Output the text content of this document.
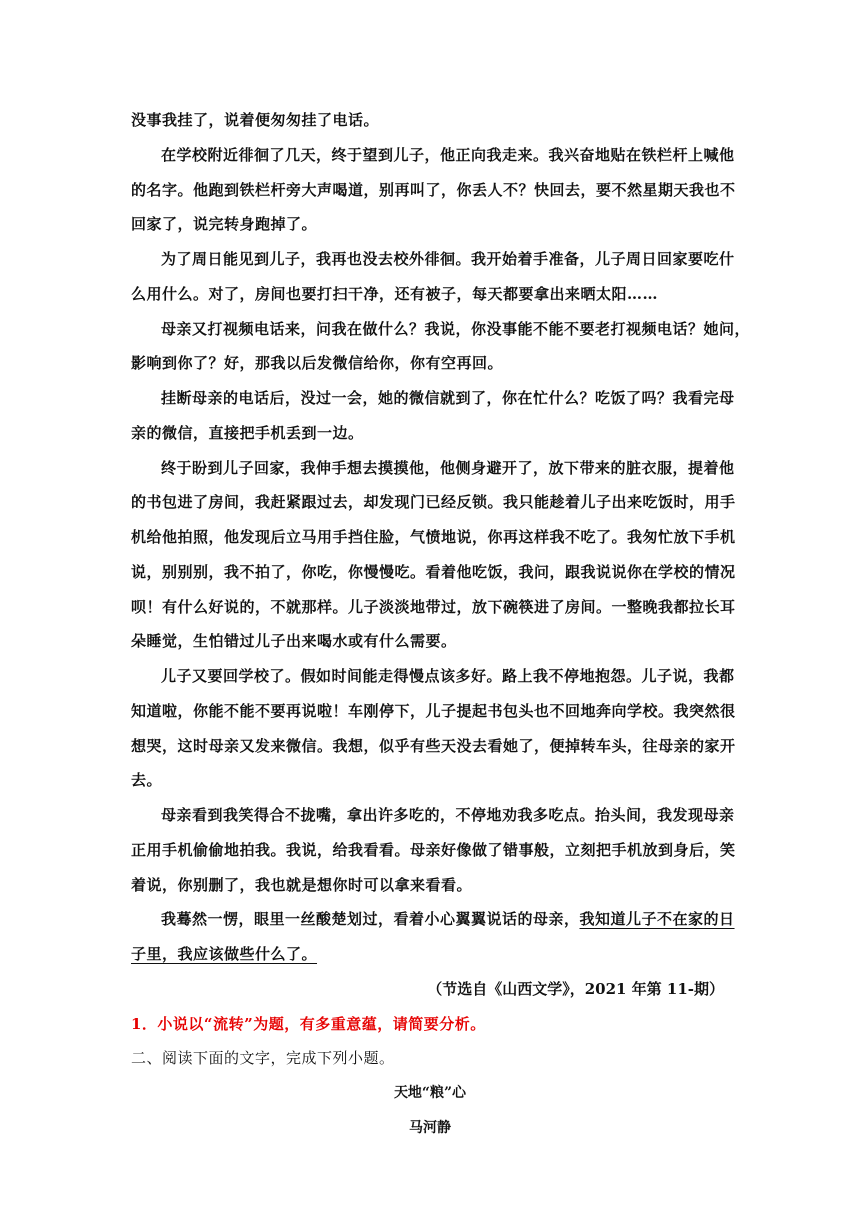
没事我挂了，说着便匆匆挂了电话。
在学校附近徘徊了几天，终于望到儿子，他正向我走来。我兴奋地贴在铁栏杆上喊他
的名字。他跑到铁栏杆旁大声喝道，别再叫了，你丢人不？快回去，要不然星期天我也不
回家了，说完转身跑掉了。
为了周日能见到儿子，我再也没去校外徘徊。我开始着手准备，儿子周日回家要吃什
么用什么。对了，房间也要打扫干净，还有被子，每天都要拿出来晒太阳……
母亲又打视频电话来，问我在做什么？我说，你没事能不能不要老打视频电话？她问，
影响到你了？好，那我以后发微信给你，你有空再回。
挂断母亲的电话后，没过一会，她的微信就到了，你在忙什么？吃饭了吗？我看完母
亲的微信，直接把手机丢到一边。
终于盼到儿子回家，我伸手想去摸摸他，他侧身避开了，放下带来的脏衣服，提着他
的书包进了房间，我赶紧跟过去，却发现门已经反锁。我只能趁着儿子出来吃饭时，用手
机给他拍照，他发现后立马用手挡住脸，气愤地说，你再这样我不吃了。我匆忙放下手机
说，别别别，我不拍了，你吃，你慢慢吃。看着他吃饭，我问，跟我说说你在学校的情况
呗！有什么好说的，不就那样。儿子淡淡地带过，放下碗筷进了房间。一整晚我都拉长耳
朵睡觉，生怕错过儿子出来喝水或有什么需要。
儿子又要回学校了。假如时间能走得慢点该多好。路上我不停地抱怨。儿子说，我都
知道啦，你能不能不要再说啦！车刚停下，儿子提起书包头也不回地奔向学校。我突然很
想哭，这时母亲又发来微信。我想，似乎有些天没去看她了，便掉转车头，往母亲的家开
去。
母亲看到我笑得合不拢嘴，拿出许多吃的，不停地劝我多吃点。抬头间，我发现母亲
正用手机偷偷地拍我。我说，给我看看。母亲好像做了错事般，立刻把手机放到身后，笑
着说，你别删了，我也就是想你时可以拿来看看。
我蓦然一愣，眼里一丝酸楚划过，看着小心翼翼说话的母亲，我知道儿子不在家的日
子里，我应该做些什么了。
（节选自《山西文学》，2021 年第 11-期）
1．小说以“流转”为题，有多重意蕴，请简要分析。
二、阅读下面的文字，完成下列小题。
天地“粮”心
马河静
